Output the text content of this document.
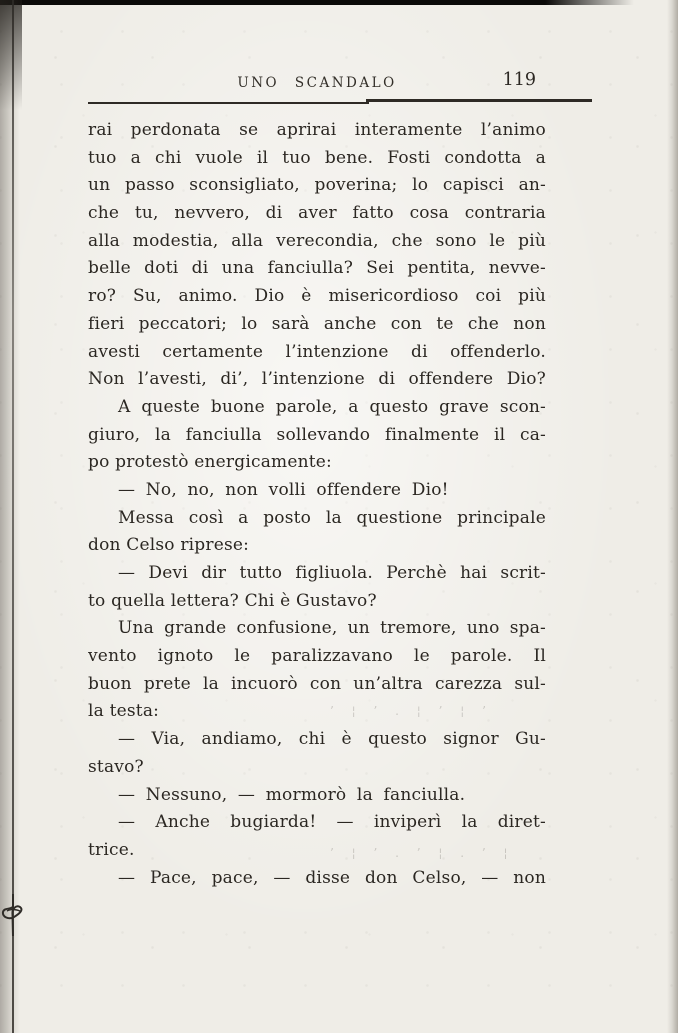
UNO SCANDALO	119
rai perdonata se aprirai interamente l’animo
tuo a chi vuole il tuo bene. Fosti condotta a
un passo sconsigliato, poverina; lo capisci an-
che tu, nevvero, di aver fatto cosa contraria
alla modestia, alla verecondia, che sono le più
belle doti di una fanciulla? Sei pentita, nevve-
ro? Su, animo. Dio è misericordioso coi più
fieri peccatori; lo sarà anche con te che non
avesti certamente l’intenzione di offenderlo.
Non l’avesti, di’, l’intenzione di offendere Dio?
A queste buone parole, a questo grave scon-
giuro, la fanciulla sollevando finalmente il ca-
po protestò energicamente:
— No, no, non volli offendere Dio!
Messa così a posto la questione principale
don Celso riprese:
— Devi dir tutto figliuola. Perchè hai scrit-
to quella lettera? Chi è Gustavo?
Una grande confusione, un tremore, uno spa-
vento ignoto le paralizzavano le parole. Il
buon prete la incuorò con un’altra carezza sul-
la testa:
— Via, andiamo, chi è questo signor Gu-
stavo?
— Nessuno, — mormorò la fanciulla.
— Anche bugiarda! — inviperì la diret-
trice.
— Pace, pace, — disse don Celso, — non
’ ¦ ’ . ¦ ’ ¦ ’
’ ¦ ’ . ’ ¦ . ’ ¦
